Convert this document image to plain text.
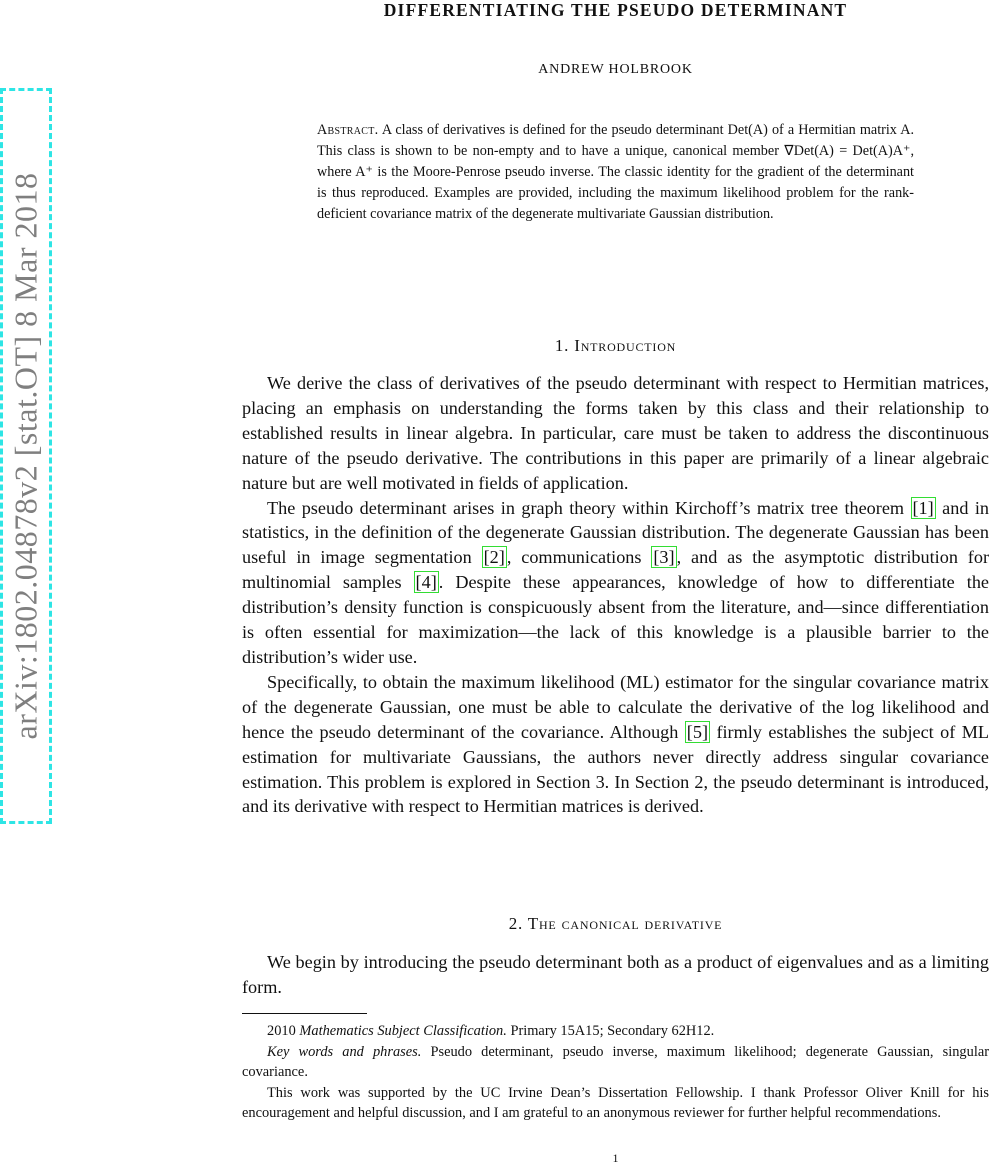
DIFFERENTIATING THE PSEUDO DETERMINANT
ANDREW HOLBROOK
arXiv:1802.04878v2 [stat.OT] 8 Mar 2018
Abstract. A class of derivatives is defined for the pseudo determinant Det(A) of a Hermitian matrix A. This class is shown to be non-empty and to have a unique, canonical member ∇Det(A) = Det(A)A⁺, where A⁺ is the Moore-Penrose pseudo inverse. The classic identity for the gradient of the determinant is thus reproduced. Examples are provided, including the maximum likelihood problem for the rank-deficient covariance matrix of the degenerate multivariate Gaussian distribution.
1. Introduction

We derive the class of derivatives of the pseudo determinant with respect to Hermitian matrices, placing an emphasis on understanding the forms taken by this class and their relationship to established results in linear algebra. In particular, care must be taken to address the discontinuous nature of the pseudo derivative. The contributions in this paper are primarily of a linear algebraic nature but are well motivated in fields of application.

The pseudo determinant arises in graph theory within Kirchoff’s matrix tree theorem [1] and in statistics, in the definition of the degenerate Gaussian distribution. The degenerate Gaussian has been useful in image segmentation [2] , communications [3] , and as the asymptotic distribution for multinomial samples [4] . Despite these appearances, knowledge of how to differentiate the distribution’s density function is conspicuously absent from the literature, and—since differentiation is often essential for maximization—the lack of this knowledge is a plausible barrier to the distribution’s wider use.

Specifically, to obtain the maximum likelihood (ML) estimator for the singular covariance matrix of the degenerate Gaussian, one must be able to calculate the derivative of the log likelihood and hence the pseudo determinant of the covariance. Although [5] firmly establishes the subject of ML estimation for multivariate Gaussians, the authors never directly address singular covariance estimation. This problem is explored in Section 3. In Section 2, the pseudo determinant is introduced, and its derivative with respect to Hermitian matrices is derived.

2. The canonical derivative

We begin by introducing the pseudo determinant both as a product of eigenvalues and as a limiting form.

2010 Mathematics Subject Classification. Primary 15A15; Secondary 62H12.

Key words and phrases. Pseudo determinant, pseudo inverse, maximum likelihood; degenerate Gaussian, singular covariance.

This work was supported by the UC Irvine Dean’s Dissertation Fellowship. I thank Professor Oliver Knill for his encouragement and helpful discussion, and I am grateful to an anonymous reviewer for further helpful recommendations.

1
